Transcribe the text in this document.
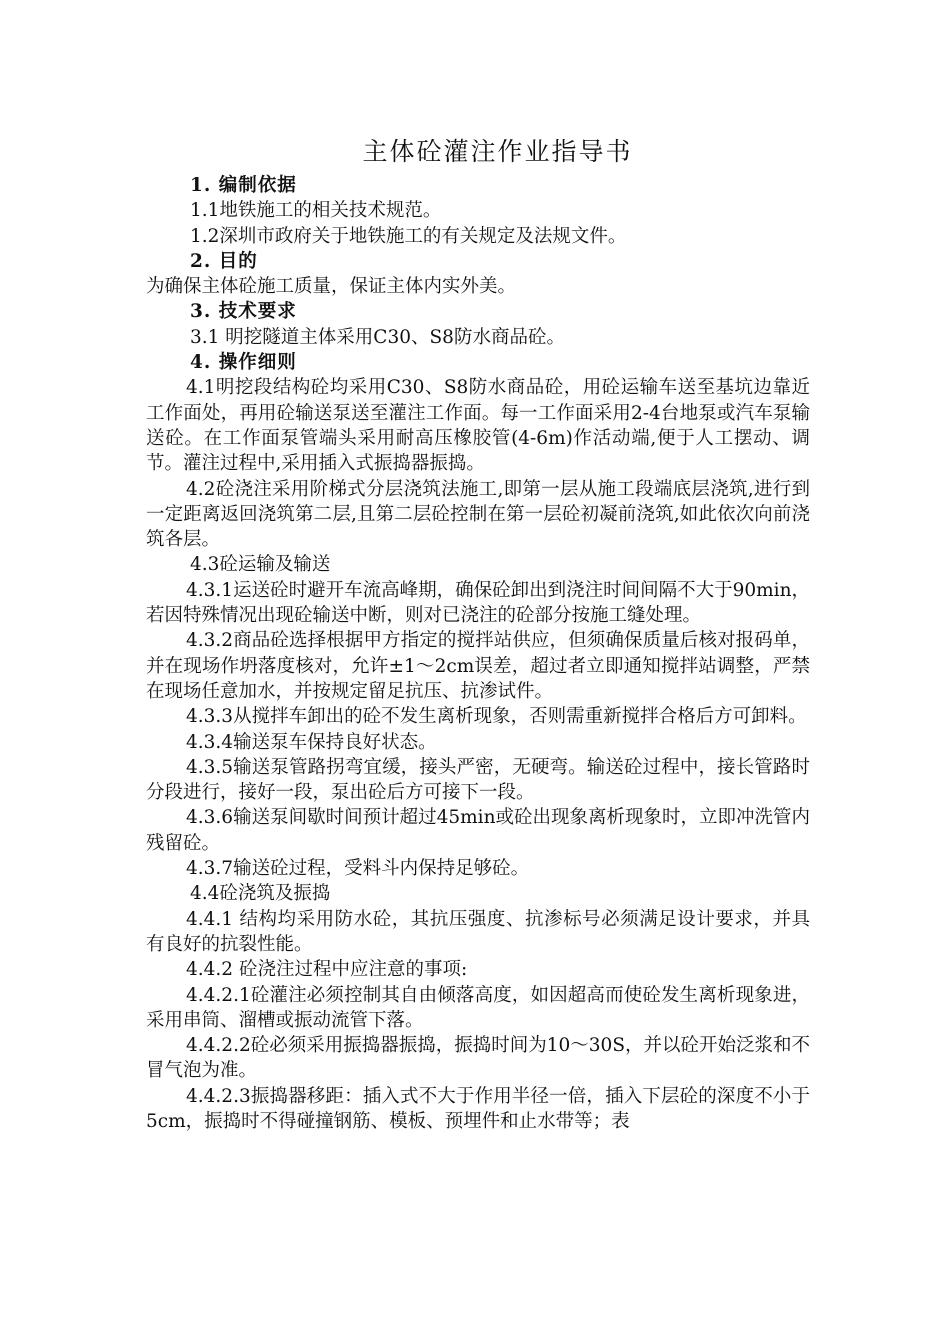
主体砼灌注作业指导书

1. 编制依据

1.1地铁施工的相关技术规范。

1.2深圳市政府关于地铁施工的有关规定及法规文件。

2. 目的

为确保主体砼施工质量，保证主体内实外美。

3. 技术要求

3.1 明挖隧道主体采用C30、S8防水商品砼。

4. 操作细则

4.1明挖段结构砼均采用C30、S8防水商品砼，用砼运输车送至基坑边靠近工作面处，再用砼输送泵送至灌注工作面。每一工作面采用2-4台地泵或汽车泵输送砼。在工作面泵管端头采用耐高压橡胶管(4-6m)作活动端,便于人工摆动、调节。灌注过程中,采用插入式振捣器振捣。

4.2砼浇注采用阶梯式分层浇筑法施工,即第一层从施工段端底层浇筑,进行到一定距离返回浇筑第二层,且第二层砼控制在第一层砼初凝前浇筑,如此依次向前浇筑各层。

4.3砼运输及输送

4.3.1运送砼时避开车流高峰期，确保砼卸出到浇注时间间隔不大于90min，若因特殊情况出现砼输送中断，则对已浇注的砼部分按施工缝处理。

4.3.2商品砼选择根据甲方指定的搅拌站供应，但须确保质量后核对报码单，并在现场作坍落度核对，允许±1～2cm误差，超过者立即通知搅拌站调整，严禁在现场任意加水，并按规定留足抗压、抗渗试件。

4.3.3从搅拌车卸出的砼不发生离析现象，否则需重新搅拌合格后方可卸料。

4.3.4输送泵车保持良好状态。

4.3.5输送泵管路拐弯宜缓，接头严密，无硬弯。输送砼过程中，接长管路时分段进行，接好一段，泵出砼后方可接下一段。

4.3.6输送泵间歇时间预计超过45min或砼出现象离析现象时，立即冲洗管内残留砼。

4.3.7输送砼过程，受料斗内保持足够砼。

4.4砼浇筑及振捣

4.4.1 结构均采用防水砼，其抗压强度、抗渗标号必须满足设计要求，并具有良好的抗裂性能。

4.4.2 砼浇注过程中应注意的事项:

4.4.2.1砼灌注必须控制其自由倾落高度，如因超高而使砼发生离析现象进，采用串筒、溜槽或振动流管下落。

4.4.2.2砼必须采用振捣器振捣，振捣时间为10～30S，并以砼开始泛浆和不冒气泡为准。

4.4.2.3振捣器移距：插入式不大于作用半径一倍，插入下层砼的深度不小于5cm，振捣时不得碰撞钢筋、模板、预埋件和止水带等；表
